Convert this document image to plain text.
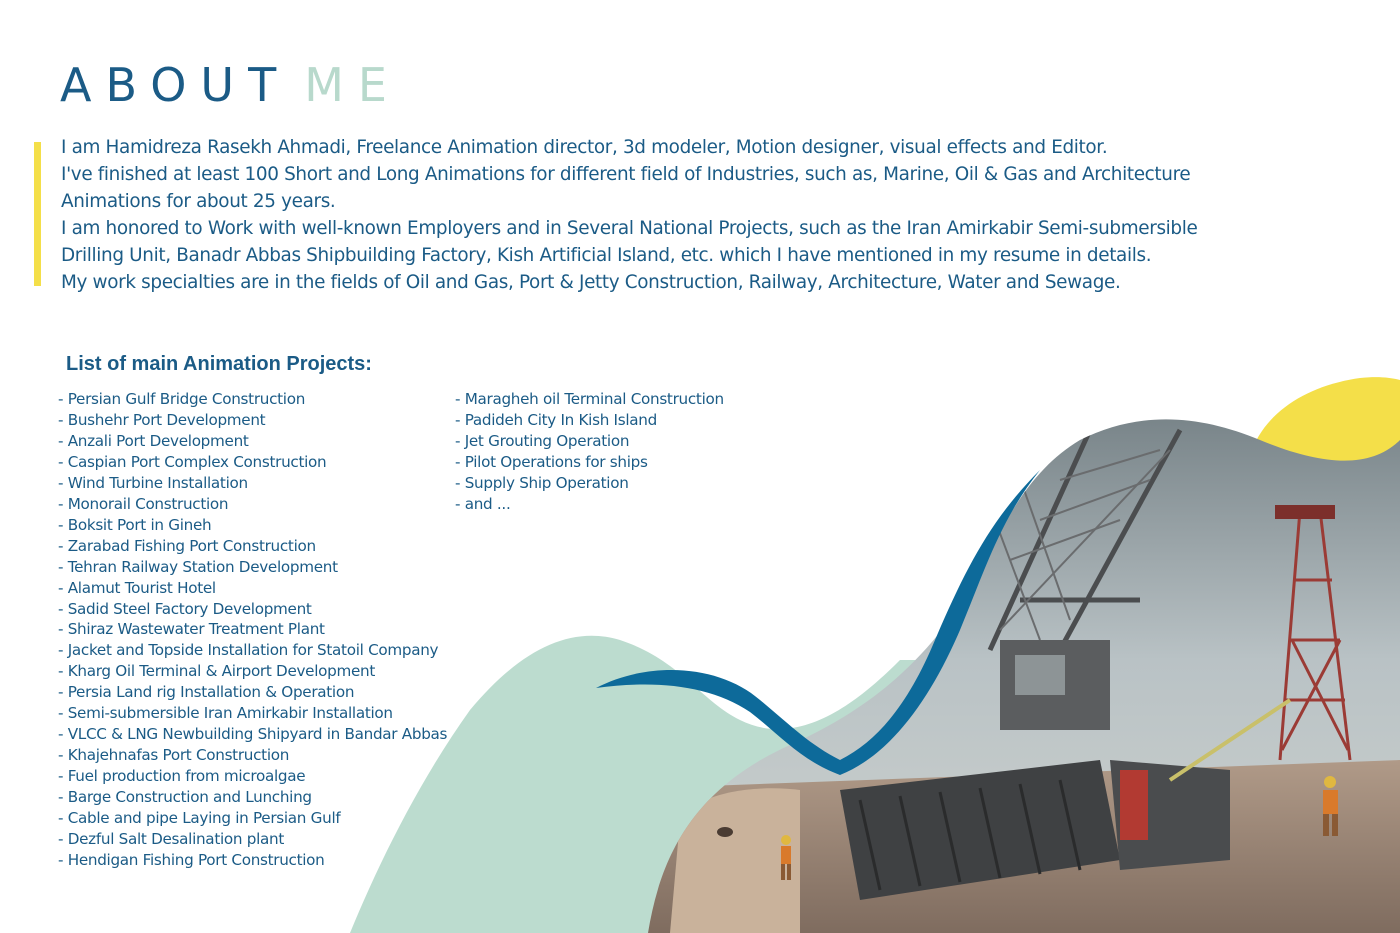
ABOUT ME

I am Hamidreza Rasekh Ahmadi, Freelance Animation director, 3d modeler, Motion designer, visual effects and Editor.

I've finished at least 100 Short and Long Animations for different field of Industries, such as, Marine, Oil & Gas and Architecture

Animations for about 25 years.

I am honored to Work with well-known Employers and in Several National Projects, such as the Iran Amirkabir Semi-submersible

Drilling Unit, Banadr Abbas Shipbuilding Factory, Kish Artificial Island, etc. which I have mentioned in my resume in details.

My work specialties are in the fields of Oil and Gas, Port & Jetty Construction, Railway, Architecture, Water and Sewage.

List of main Animation Projects:
- Persian Gulf Bridge Construction
- Bushehr Port Development
- Anzali Port Development
- Caspian Port Complex Construction
- Wind Turbine Installation
- Monorail Construction
- Boksit Port in Gineh
- Zarabad Fishing Port Construction
- Tehran Railway Station Development
- Alamut Tourist Hotel
- Sadid Steel Factory Development
- Shiraz Wastewater Treatment Plant
- Jacket and Topside Installation for Statoil Company
- Kharg Oil Terminal & Airport Development
- Persia Land rig Installation & Operation
- Semi-submersible Iran Amirkabir Installation
- VLCC & LNG Newbuilding Shipyard in Bandar Abbas
- Khajehnafas Port Construction
- Fuel production from microalgae
- Barge Construction and Lunching
- Cable and pipe Laying in Persian Gulf
- Dezful Salt Desalination plant
- Hendigan Fishing Port Construction
- Maragheh oil Terminal Construction
- Padideh City In Kish Island
- Jet Grouting Operation
- Pilot Operations for ships
- Supply Ship Operation
- and ...
